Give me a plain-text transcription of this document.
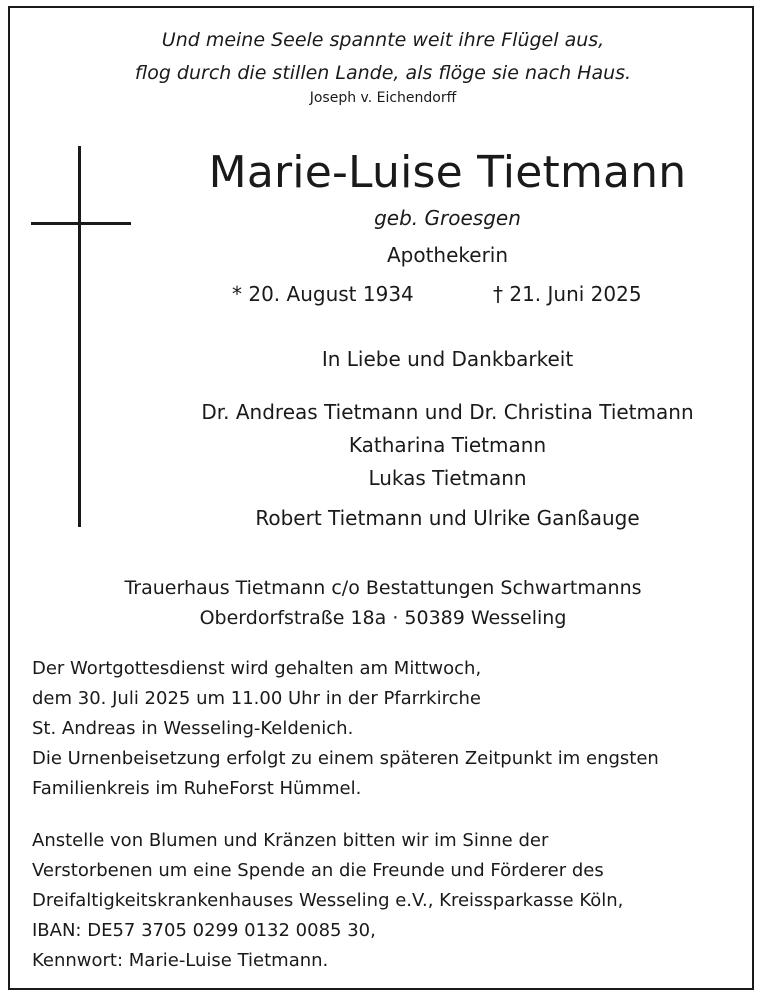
Und meine Seele spannte weit ihre Flügel aus,
flog durch die stillen Lande, als flöge sie nach Haus.
Joseph v. Eichendorff
Marie-Luise Tietmann
geb. Groesgen
Apothekerin
* 20. August 1934	† 21. Juni 2025
In Liebe und Dankbarkeit
Dr. Andreas Tietmann und Dr. Christina Tietmann
Katharina Tietmann
Lukas Tietmann
Robert Tietmann und Ulrike Ganßauge
Trauerhaus Tietmann c/o Bestattungen Schwartmanns
Oberdorfstraße 18a · 50389 Wesseling
Der Wortgottesdienst wird gehalten am Mittwoch,
dem 30. Juli 2025 um 11.00 Uhr in der Pfarrkirche
St. Andreas in Wesseling-Keldenich.
Die Urnenbeisetzung erfolgt zu einem späteren Zeitpunkt im engsten
Familienkreis im RuheForst Hümmel.
Anstelle von Blumen und Kränzen bitten wir im Sinne der
Verstorbenen um eine Spende an die Freunde und Förderer des
Dreifaltigkeitskrankenhauses Wesseling e.V., Kreissparkasse Köln,
IBAN: DE57 3705 0299 0132 0085 30,
Kennwort: Marie-Luise Tietmann.
